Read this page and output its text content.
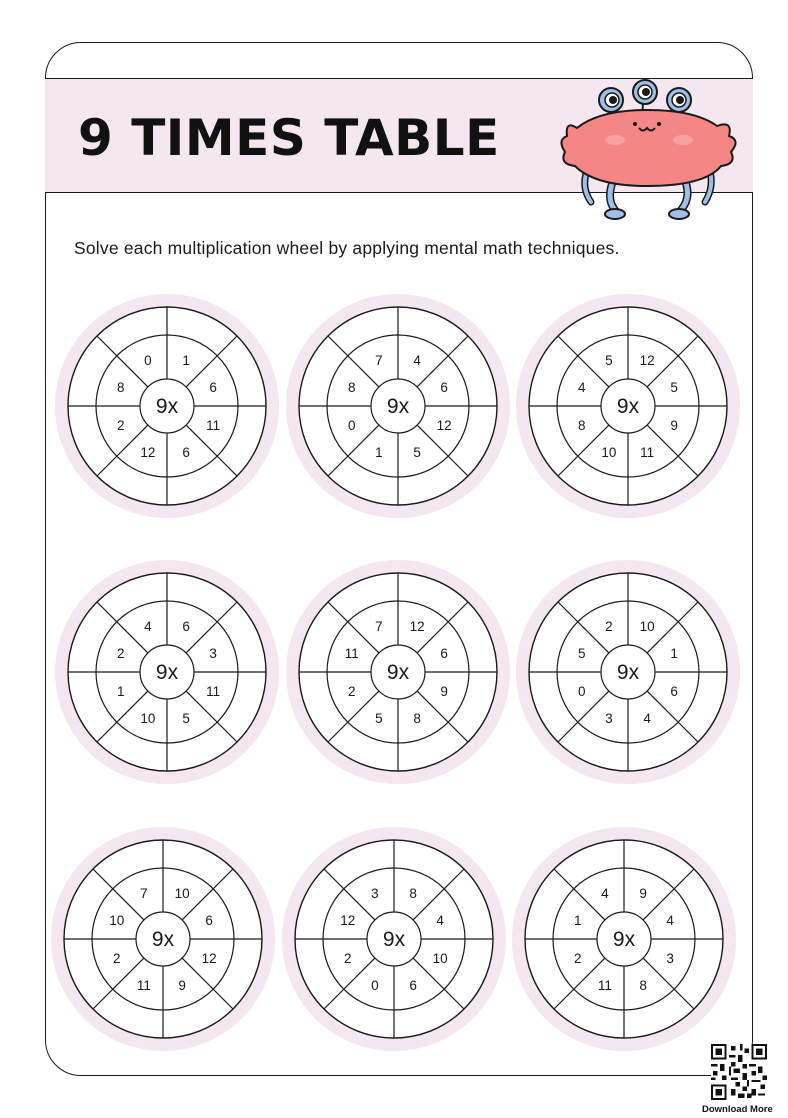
9 TIMES TABLE
Solve each multiplication wheel by applying mental math techniques.
9x
1
6
11
6
12
2
8
0
9x
4
6
12
5
1
0
8
7
9x
12
5
9
11
10
8
4
5
9x
6
3
11
5
10
1
2
4
9x
12
6
9
8
5
2
11
7
9x
10
1
6
4
3
0
5
2
9x
10
6
12
9
11
2
10
7
9x
8
4
10
6
0
2
12
3
9x
9
4
3
8
11
2
1
4
Download More
